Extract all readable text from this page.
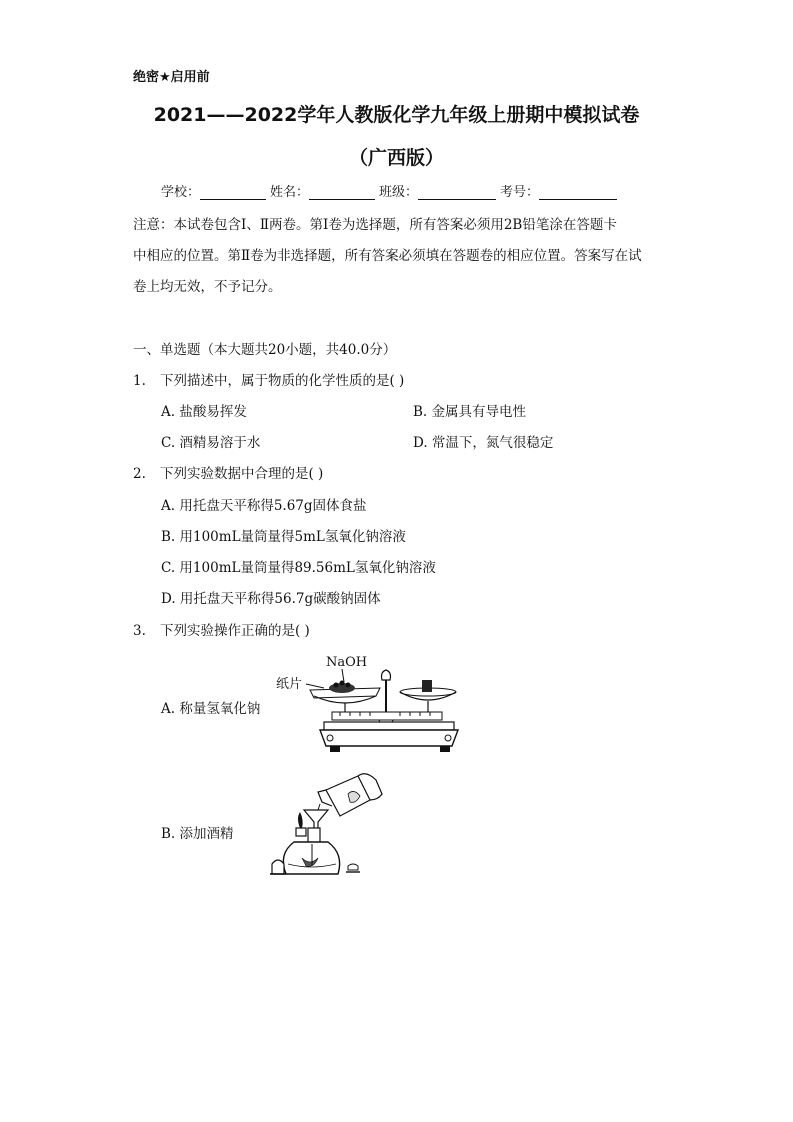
绝密★启用前
2021——2022学年人教版化学九年级上册期中模拟试卷
（广西版）
学校：	姓名：	班级：	考号：
注意：本试卷包含Ⅰ、Ⅱ两卷。第Ⅰ卷为选择题，所有答案必须用2B铅笔涂在答题卡
中相应的位置。第Ⅱ卷为非选择题，所有答案必须填在答题卷的相应位置。答案写在试
卷上均无效，不予记分。
一、单选题（本大题共20小题，共40.0分）
1. 下列描述中，属于物质的化学性质的是( )
A. 盐酸易挥发	B. 金属具有导电性
C. 酒精易溶于水	D. 常温下，氮气很稳定
2. 下列实验数据中合理的是( )
A. 用托盘天平称得5.67g固体食盐
B. 用100mL量筒量得5mL氢氧化钠溶液
C. 用100mL量筒量得89.56mL氢氧化钠溶液
D. 用托盘天平称得56.7g碳酸钠固体
3. 下列实验操作正确的是( )
A. 称量氢氧化钠
B. 添加酒精
NaOH
纸片
